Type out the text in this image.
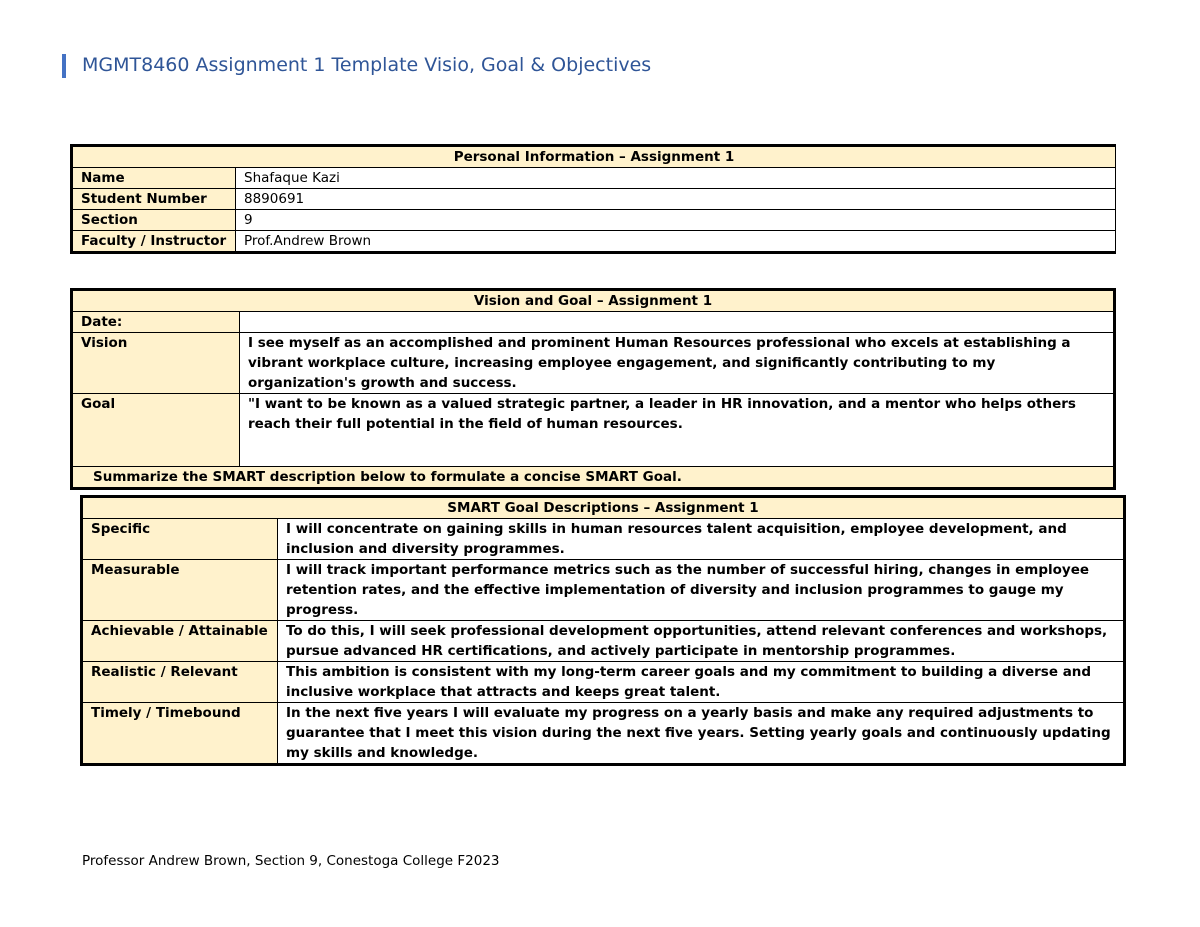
MGMT8460 Assignment 1 Template Visio, Goal & Objectives
Personal Information – Assignment 1	
Name	Shafaque Kazi
Student Number	8890691
Section	9
Faculty / Instructor	Prof.Andrew Brown
Vision and Goal – Assignment 1	
Date:	
Vision	I see myself as an accomplished and prominent Human Resources professional who excels at establishing a vibrant workplace culture, increasing employee engagement, and significantly contributing to my organization's growth and success.
Goal	"I want to be known as a valued strategic partner, a leader in HR innovation, and a mentor who helps others reach their full potential in the field of human resources.
Summarize the SMART description below to formulate a concise SMART Goal.	
SMART Goal Descriptions – Assignment 1	
Specific	I will concentrate on gaining skills in human resources talent acquisition, employee development, and inclusion and diversity programmes.
Measurable	I will track important performance metrics such as the number of successful hiring, changes in employee retention rates, and the effective implementation of diversity and inclusion programmes to gauge my progress.
Achievable / Attainable	To do this, I will seek professional development opportunities, attend relevant conferences and workshops, pursue advanced HR certifications, and actively participate in mentorship programmes.
Realistic / Relevant	This ambition is consistent with my long-term career goals and my commitment to building a diverse and inclusive workplace that attracts and keeps great talent.
Timely / Timebound	In the next five years I will evaluate my progress on a yearly basis and make any required adjustments to guarantee that I meet this vision during the next five years. Setting yearly goals and continuously updating my skills and knowledge.
Professor Andrew Brown, Section 9, Conestoga College F2023
